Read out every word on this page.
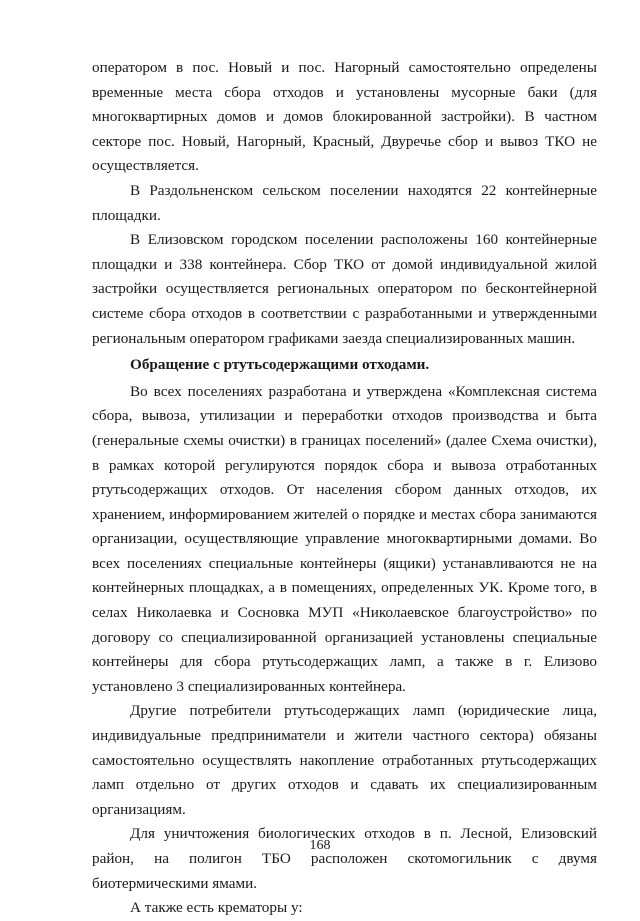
оператором в пос. Новый и пос. Нагорный самостоятельно определены временные места сбора отходов и установлены мусорные баки (для многоквартирных домов и домов блокированной застройки). В частном секторе пос. Новый, Нагорный, Красный, Двуречье сбор и вывоз ТКО не осуществляется.

В Раздольненском сельском поселении находятся 22 контейнерные площадки.

В Елизовском городском поселении расположены 160 контейнерные площадки и 338 контейнера. Сбор ТКО от домой индивидуальной жилой застройки осуществляется региональных оператором по бесконтейнерной системе сбора отходов в соответствии с разработанными и утвержденными региональным оператором графиками заезда специализированных машин.

Обращение с ртутьсодержащими отходами.

Во всех поселениях разработана и утверждена «Комплексная система сбора, вывоза, утилизации и переработки отходов производства и быта (генеральные схемы очистки) в границах поселений» (далее Схема очистки), в рамках которой регулируются порядок сбора и вывоза отработанных ртутьсодержащих отходов. От населения сбором данных отходов, их хранением, информированием жителей о порядке и местах сбора занимаются организации, осуществляющие управление многоквартирными домами. Во всех поселениях специальные контейнеры (ящики) устанавливаются не на контейнерных площадках, а в помещениях, определенных УК. Кроме того, в селах Николаевка и Сосновка МУП «Николаевское благоустройство» по договору со специализированной организацией установлены специальные контейнеры для сбора ртутьсодержащих ламп, а также в г. Елизово установлено 3 специализированных контейнера.

Другие потребители ртутьсодержащих ламп (юридические лица, индивидуальные предприниматели и жители частного сектора) обязаны самостоятельно осуществлять накопление отработанных ртутьсодержащих ламп отдельно от других отходов и сдавать их специализированным организациям.

Для уничтожения биологических отходов в п. Лесной, Елизовский район, на полигон ТБО расположен скотомогильник с двумя биотермическими ямами.

А также есть крематоры у:

168
